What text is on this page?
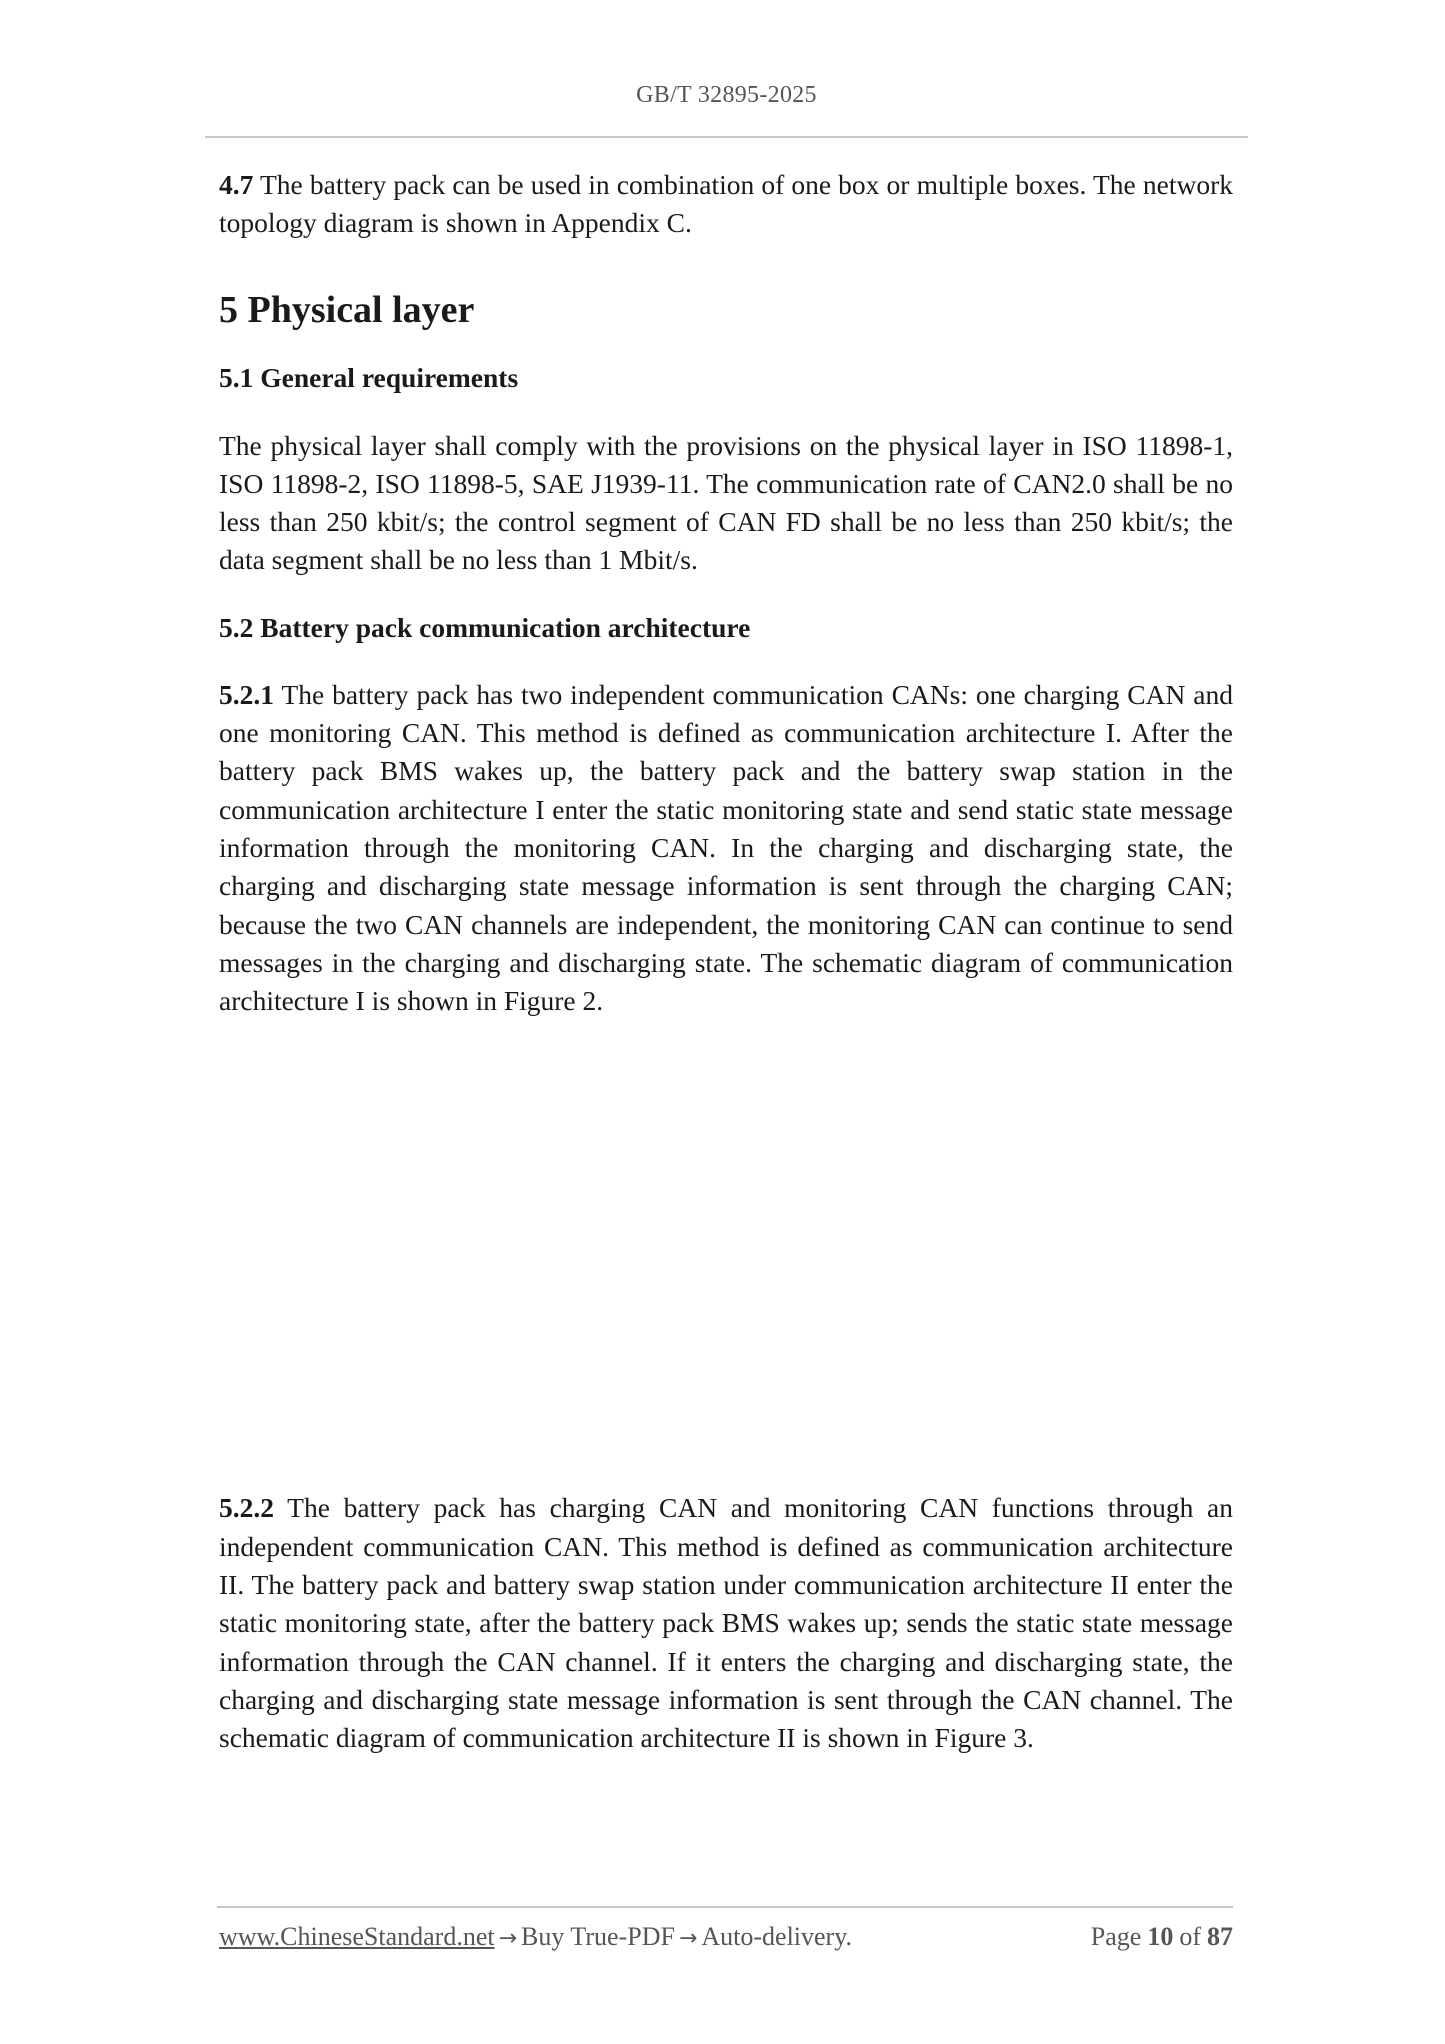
GB/T 32895-2025

4.7 The battery pack can be used in combination of one box or multiple boxes. The network topology diagram is shown in Appendix C.

5 Physical layer
5.1 General requirements

The physical layer shall comply with the provisions on the physical layer in ISO 11898-1, ISO 11898-2, ISO 11898-5, SAE J1939-11. The communication rate of CAN2.0 shall be no less than 250 kbit/s; the control segment of CAN FD shall be no less than 250 kbit/s; the data segment shall be no less than 1 Mbit/s.

5.2 Battery pack communication architecture

5.2.1 The battery pack has two independent communication CANs: one charging CAN and one monitoring CAN. This method is defined as communication architecture I. After the battery pack BMS wakes up, the battery pack and the battery swap station in the communication architecture I enter the static monitoring state and send static state message information through the monitoring CAN. In the charging and discharging state, the charging and discharging state message information is sent through the charging CAN; because the two CAN channels are independent, the monitoring CAN can continue to send messages in the charging and discharging state. The schematic diagram of communication architecture I is shown in Figure 2.

5.2.2 The battery pack has charging CAN and monitoring CAN functions through an independent communication CAN. This method is defined as communication architecture II. The battery pack and battery swap station under communication architecture II enter the static monitoring state, after the battery pack BMS wakes up; sends the static state message information through the CAN channel. If it enters the charging and discharging state, the charging and discharging state message information is sent through the CAN channel. The schematic diagram of communication architecture II is shown in Figure 3.

www.ChineseStandard.net → Buy True-PDF → Auto-delivery.	Page 10 of 87
